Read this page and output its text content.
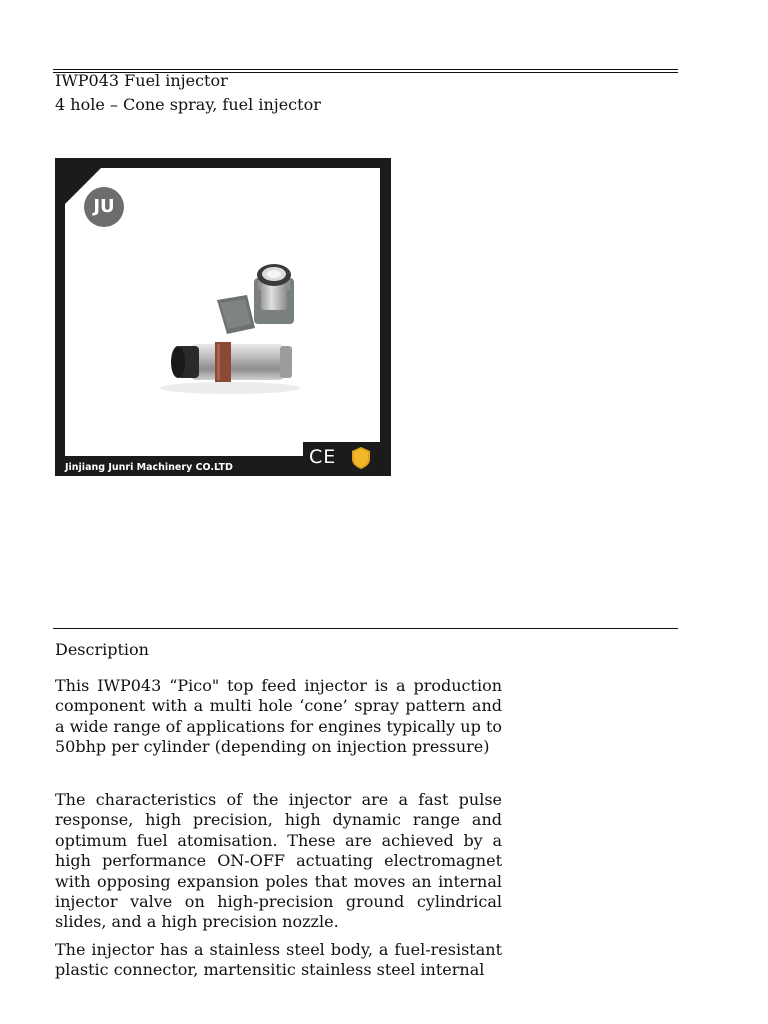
IWP043 Fuel injector
4 hole – Cone spray, fuel injector
JU
Jinjiang Junri Machinery CO.LTD	CE
Description

This IWP043 “Pico" top feed injector is a production component with a multi hole ‘cone’ spray pattern and a wide range of applications for engines typically up to 50bhp per cylinder (depending on injection pressure)

The characteristics of the injector are a fast pulse response, high precision, high dynamic range and optimum fuel atomisation. These are achieved by a high performance ON-OFF actuating electromagnet with opposing expansion poles that moves an internal injector valve on high-precision ground cylindrical slides, and a high precision nozzle.

The injector has a stainless steel body, a fuel-resistant plastic connector, martensitic stainless steel internal
